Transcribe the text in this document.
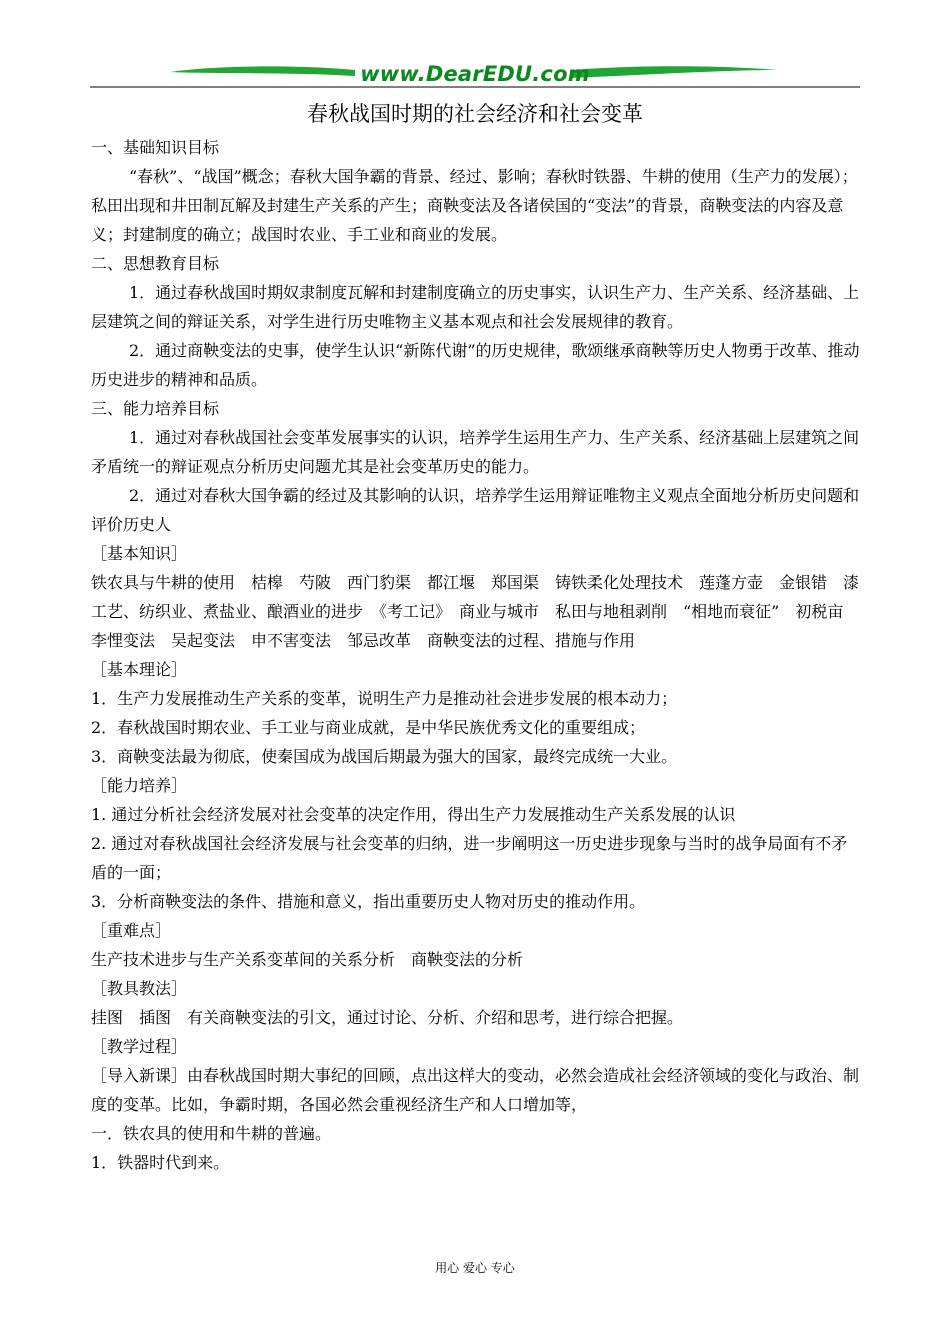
www.DearEDU.com
春秋战国时期的社会经济和社会变革

一、基础知识目标

“春秋”、“战国”概念；春秋大国争霸的背景、经过、影响；春秋时铁器、牛耕的使用（生产力的发展）；私田出现和井田制瓦解及封建生产关系的产生；商鞅变法及各诸侯国的“变法”的背景，商鞅变法的内容及意义；封建制度的确立；战国时农业、手工业和商业的发展。

二、思想教育目标

1．通过春秋战国时期奴隶制度瓦解和封建制度确立的历史事实，认识生产力、生产关系、经济基础、上层建筑之间的辩证关系，对学生进行历史唯物主义基本观点和社会发展规律的教育。

2．通过商鞅变法的史事，使学生认识“新陈代谢”的历史规律，歌颂继承商鞅等历史人物勇于改革、推动历史进步的精神和品质。

三、能力培养目标

1．通过对春秋战国社会变革发展事实的认识，培养学生运用生产力、生产关系、经济基础上层建筑之间矛盾统一的辩证观点分析历史问题尤其是社会变革历史的能力。

2．通过对春秋大国争霸的经过及其影响的认识，培养学生运用辩证唯物主义观点全面地分析历史问题和评价历史人

［基本知识］

铁农具与牛耕的使用　桔槔　芍陂　西门豹渠　都江堰　郑国渠　铸铁柔化处理技术　莲蓬方壶　金银错　漆工艺、纺织业、煮盐业、酿酒业的进步　《考工记》　商业与城市　私田与地租剥削　“相地而衰征”　初税亩　李悝变法　吴起变法　申不害变法　邹忌改革　商鞅变法的过程、措施与作用

［基本理论］

1．生产力发展推动生产关系的变革，说明生产力是推动社会进步发展的根本动力；

2．春秋战国时期农业、手工业与商业成就，是中华民族优秀文化的重要组成；

3．商鞅变法最为彻底，使秦国成为战国后期最为强大的国家，最终完成统一大业。

［能力培养］

1. 通过分析社会经济发展对社会变革的决定作用，得出生产力发展推动生产关系发展的认识

2. 通过对春秋战国社会经济发展与社会变革的归纳，进一步阐明这一历史进步现象与当时的战争局面有不矛盾的一面；

3．分析商鞅变法的条件、措施和意义，指出重要历史人物对历史的推动作用。

［重难点］

生产技术进步与生产关系变革间的关系分析　商鞅变法的分析

［教具教法］

挂图　插图　有关商鞅变法的引文，通过讨论、分析、介绍和思考，进行综合把握。

［教学过程］

［导入新课］由春秋战国时期大事纪的回顾，点出这样大的变动，必然会造成社会经济领域的变化与政治、制度的变革。比如，争霸时期，各国必然会重视经济生产和人口增加等，

一．铁农具的使用和牛耕的普遍。

1．铁器时代到来。

用心 爱心 专心
